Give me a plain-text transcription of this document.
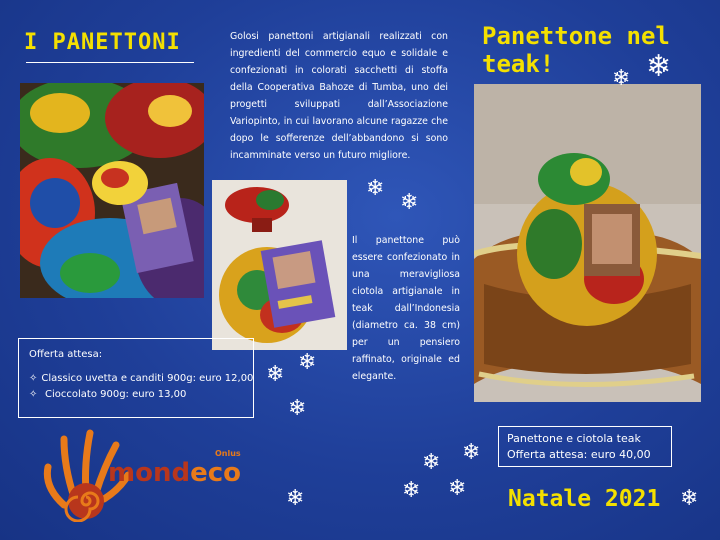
I PANETTONI	Golosi panettoni artigianali realizzati con ingredienti del commercio equo e solidale e confezionati in colorati sacchetti di stoffa della Cooperativa Bahoze di Tumba, uno dei progetti sviluppati dall’Associazione Variopinto, in cui lavorano alcune ragazze che dopo le sofferenze dell’abbandono si sono incamminate verso un futuro migliore.
Panettone nel teak!
Il panettone può essere confezionato in una meravigliosa ciotola artigianale in teak dall’Indonesia (diametro ca. 38 cm) per un pensiero raffinato, originale ed elegante.
Offerta attesa:
✧ Classico uvetta e canditi 900g: euro 12,00
✧ Cioccolato 900g: euro 13,00
Panettone e ciotola teak
Offerta attesa: euro 40,00
❄ ❄
❄
❄
❄ ❄
❄
❄
❄ ❄
❄ ❄	❄
Natale 2021
mondeco
Onlus
